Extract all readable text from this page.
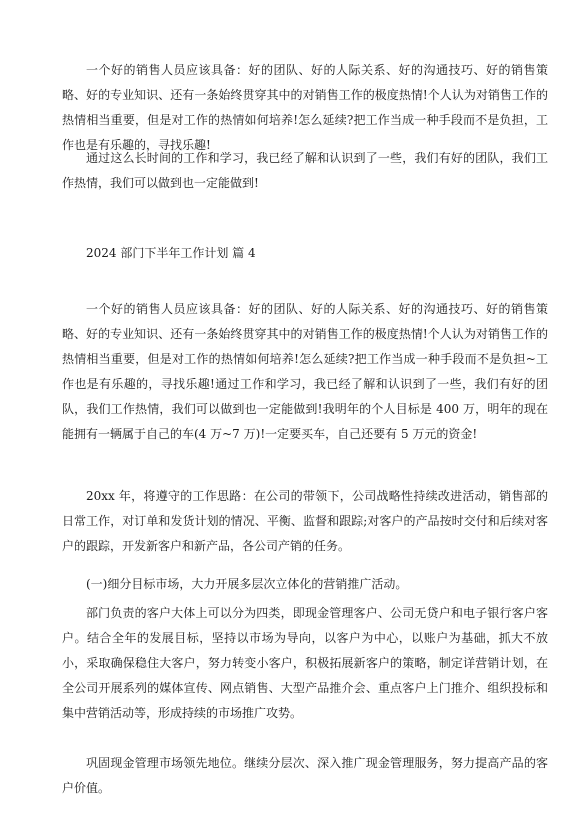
一个好的销售人员应该具备：好的团队、好的人际关系、好的沟通技巧、好的销售策略、好的专业知识、还有一条始终贯穿其中的对销售工作的极度热情!个人认为对销售工作的热情相当重要，但是对工作的热情如何培养!怎么延续?把工作当成一种手段而不是负担，工作也是有乐趣的，寻找乐趣!

通过这么长时间的工作和学习，我已经了解和认识到了一些，我们有好的团队，我们工作热情，我们可以做到也一定能做到!

2024 部门下半年工作计划 篇 4

一个好的销售人员应该具备：好的团队、好的人际关系、好的沟通技巧、好的销售策略、好的专业知识、还有一条始终贯穿其中的对销售工作的极度热情!个人认为对销售工作的热情相当重要，但是对工作的热情如何培养!怎么延续?把工作当成一种手段而不是负担~工作也是有乐趣的，寻找乐趣!通过工作和学习，我已经了解和认识到了一些，我们有好的团队，我们工作热情，我们可以做到也一定能做到!我明年的个人目标是 400 万，明年的现在能拥有一辆属于自己的车(4 万~7 万)!一定要买车，自己还要有 5 万元的资金!

20xx 年，将遵守的工作思路：在公司的带领下，公司战略性持续改进活动，销售部的日常工作，对订单和发货计划的情况、平衡、监督和跟踪;对客户的产品按时交付和后续对客户的跟踪，开发新客户和新产品，各公司产销的任务。

(一)细分目标市场，大力开展多层次立体化的营销推广活动。

部门负责的客户大体上可以分为四类，即现金管理客户、公司无贷户和电子银行客户客户。结合全年的发展目标，坚持以市场为导向，以客户为中心，以账户为基础，抓大不放小，采取确保稳住大客户，努力转变小客户，积极拓展新客户的策略，制定详营销计划，在全公司开展系列的媒体宣传、网点销售、大型产品推介会、重点客户上门推介、组织投标和集中营销活动等，形成持续的市场推广攻势。

巩固现金管理市场领先地位。继续分层次、深入推广现金管理服务，努力提高产品的客户价值。
